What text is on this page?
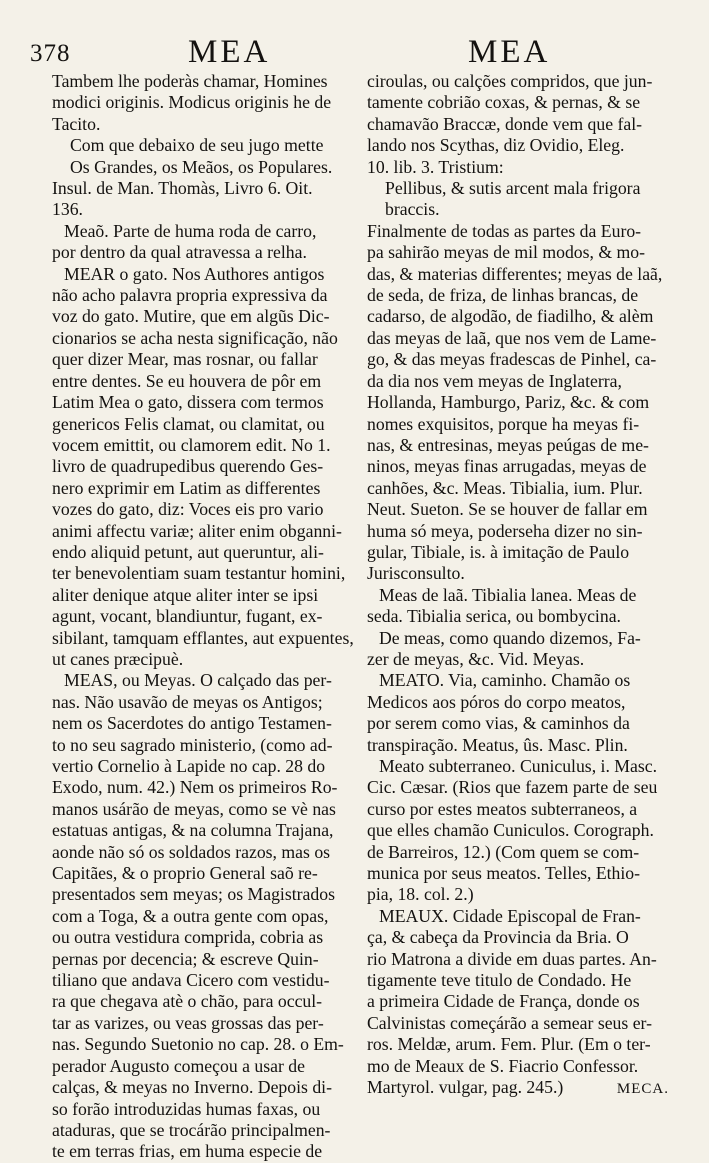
378	MEA	MEA
Tambem lhe poderàs chamar, Homines
modici originis. Modicus originis he de
Tacito.
Com que debaixo de seu jugo mette
Os Grandes, os Meãos, os Populares.
Insul. de Man. Thomàs, Livro 6. Oit.
136.
Meaõ. Parte de huma roda de carro,
por dentro da qual atravessa a relha.
MEAR o gato. Nos Authores antigos
não acho palavra propria expressiva da
voz do gato. Mutire, que em algũs Dic-
cionarios se acha nesta significação, não
quer dizer Mear, mas rosnar, ou fallar
entre dentes. Se eu houvera de pôr em
Latim Mea o gato, dissera com termos
genericos Felis clamat, ou clamitat, ou
vocem emittit, ou clamorem edit. No 1.
livro de quadrupedibus querendo Ges-
nero exprimir em Latim as differentes
vozes do gato, diz: Voces eis pro vario
animi affectu variæ; aliter enim obganni-
endo aliquid petunt, aut queruntur, ali-
ter benevolentiam suam testantur homini,
aliter denique atque aliter inter se ipsi
agunt, vocant, blandiuntur, fugant, ex-
sibilant, tamquam efflantes, aut expuentes,
ut canes præcipuè.
MEAS, ou Meyas. O calçado das per-
nas. Não usavão de meyas os Antigos;
nem os Sacerdotes do antigo Testamen-
to no seu sagrado ministerio, (como ad-
vertio Cornelio à Lapide no cap. 28 do
Exodo, num. 42.) Nem os primeiros Ro-
manos usárão de meyas, como se vè nas
estatuas antigas, & na columna Trajana,
aonde não só os soldados razos, mas os
Capitães, & o proprio General saõ re-
presentados sem meyas; os Magistrados
com a Toga, & a outra gente com opas,
ou outra vestidura comprida, cobria as
pernas por decencia; & escreve Quin-
tiliano que andava Cicero com vestidu-
ra que chegava atè o chão, para occul-
tar as varizes, ou veas grossas das per-
nas. Segundo Suetonio no cap. 28. o Em-
perador Augusto começou a usar de
calças, & meyas no Inverno. Depois di-
so forão introduzidas humas faxas, ou
ataduras, que se trocárão principalmen-
te em terras frias, em huma especie de
ciroulas, ou calções compridos, que jun-
tamente cobrião coxas, & pernas, & se
chamavão Braccæ, donde vem que fal-
lando nos Scythas, diz Ovidio, Eleg.
10. lib. 3. Tristium:
Pellibus, & sutis arcent mala frigora
braccis.
Finalmente de todas as partes da Euro-
pa sahirão meyas de mil modos, & mo-
das, & materias differentes; meyas de laã,
de seda, de friza, de linhas brancas, de
cadarso, de algodão, de fiadilho, & alèm
das meyas de laã, que nos vem de Lame-
go, & das meyas fradescas de Pinhel, ca-
da dia nos vem meyas de Inglaterra,
Hollanda, Hamburgo, Pariz, &c. & com
nomes exquisitos, porque ha meyas fi-
nas, & entresinas, meyas peúgas de me-
ninos, meyas finas arrugadas, meyas de
canhões, &c. Meas. Tibialia, ium. Plur.
Neut. Sueton. Se se houver de fallar em
huma só meya, poderseha dizer no sin-
gular, Tibiale, is. à imitação de Paulo
Jurisconsulto.
Meas de laã. Tibialia lanea. Meas de
seda. Tibialia serica, ou bombycina.
De meas, como quando dizemos, Fa-
zer de meyas, &c. Vid. Meyas.
MEATO. Via, caminho. Chamão os
Medicos aos póros do corpo meatos,
por serem como vias, & caminhos da
transpiração. Meatus, ûs. Masc. Plin.
Meato subterraneo. Cuniculus, i. Masc.
Cic. Cæsar. (Rios que fazem parte de seu
curso por estes meatos subterraneos, a
que elles chamão Cuniculos. Corograph.
de Barreiros, 12.) (Com quem se com-
munica por seus meatos. Telles, Ethio-
pia, 18. col. 2.)
MEAUX. Cidade Episcopal de Fran-
ça, & cabeça da Provincia da Bria. O
rio Matrona a divide em duas partes. An-
tigamente teve titulo de Condado. He
a primeira Cidade de França, donde os
Calvinistas começárão a semear seus er-
ros. Meldæ, arum. Fem. Plur. (Em o ter-
mo de Meaux de S. Fiacrio Confessor.
Martyrol. vulgar, pag. 245.)	MECA.
